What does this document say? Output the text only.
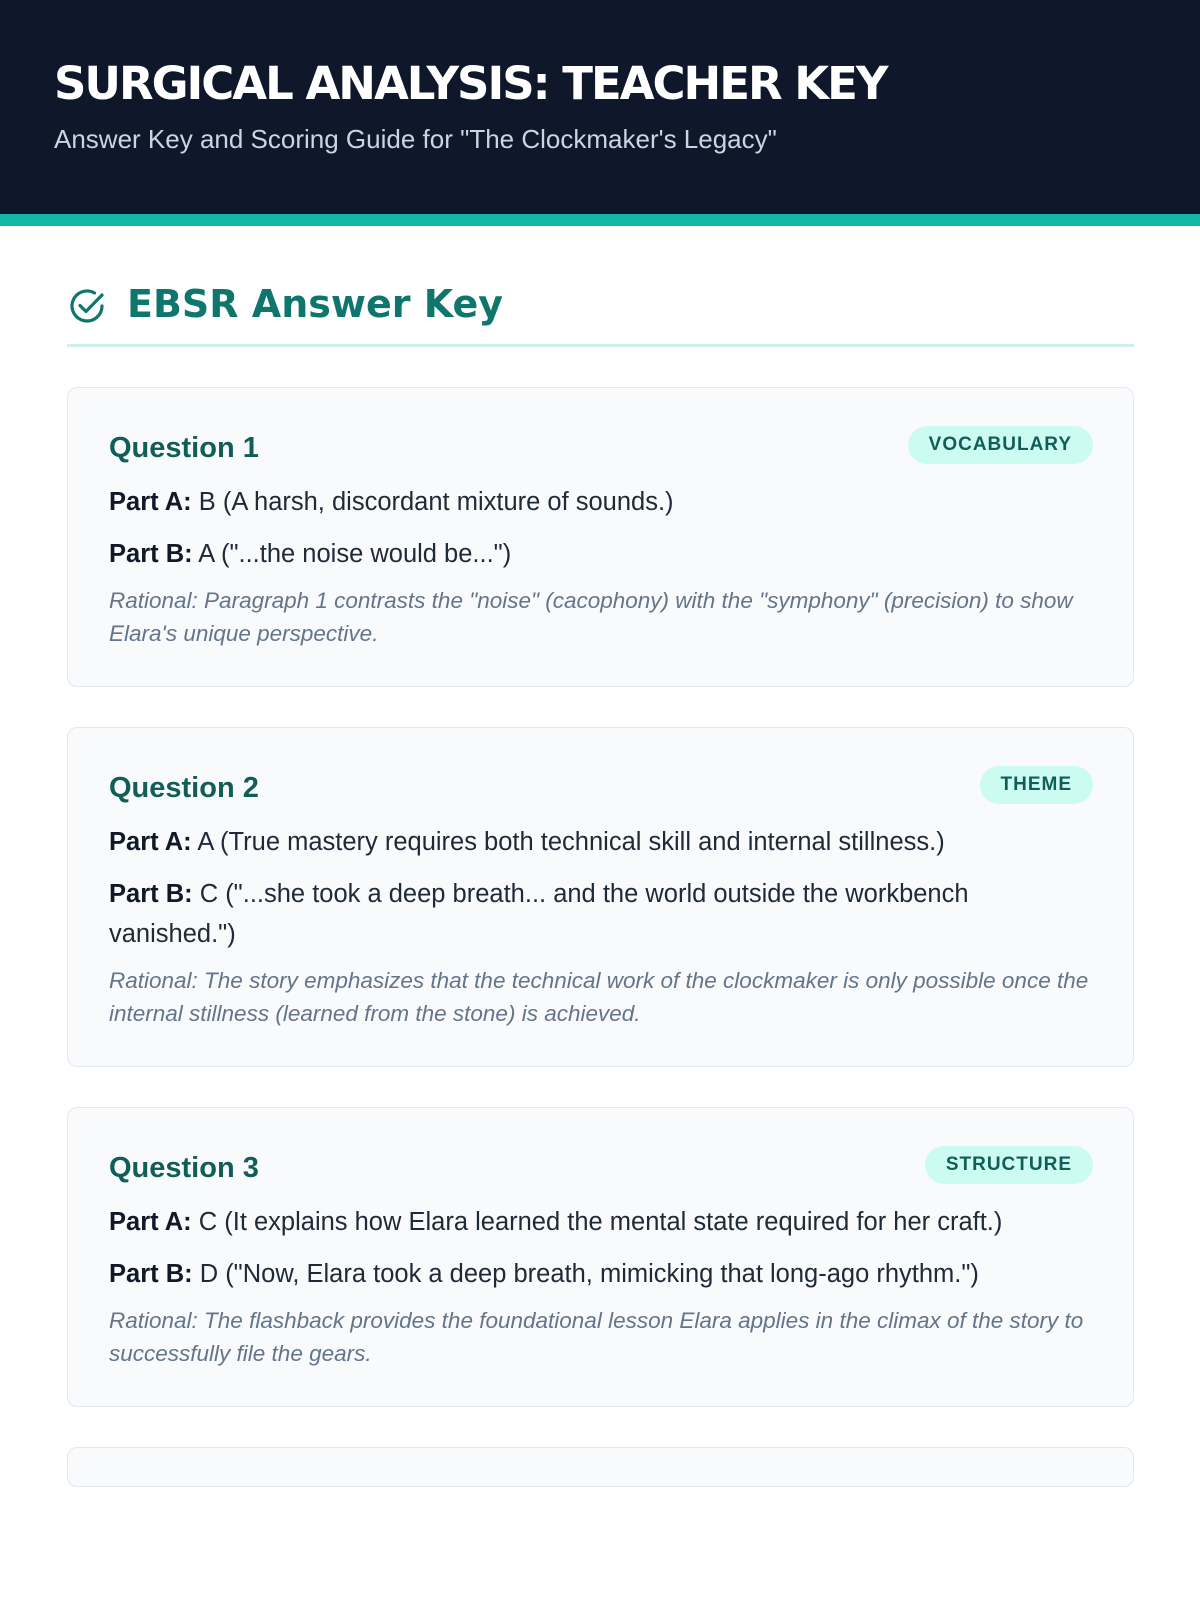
SURGICAL ANALYSIS: TEACHER KEY
Answer Key and Scoring Guide for "The Clockmaker's Legacy"
EBSR Answer Key
Question 1	VOCABULARY
Part A: B (A harsh, discordant mixture of sounds.)
Part B: A ("...the noise would be...")
Rational: Paragraph 1 contrasts the "noise" (cacophony) with the "symphony" (precision) to show Elara's unique perspective.
Question 2	THEME
Part A: A (True mastery requires both technical skill and internal stillness.)
Part B: C ("...she took a deep breath... and the world outside the workbench vanished.")
Rational: The story emphasizes that the technical work of the clockmaker is only possible once the internal stillness (learned from the stone) is achieved.
Question 3	STRUCTURE
Part A: C (It explains how Elara learned the mental state required for her craft.)
Part B: D ("Now, Elara took a deep breath, mimicking that long-ago rhythm.")
Rational: The flashback provides the foundational lesson Elara applies in the climax of the story to successfully file the gears.
